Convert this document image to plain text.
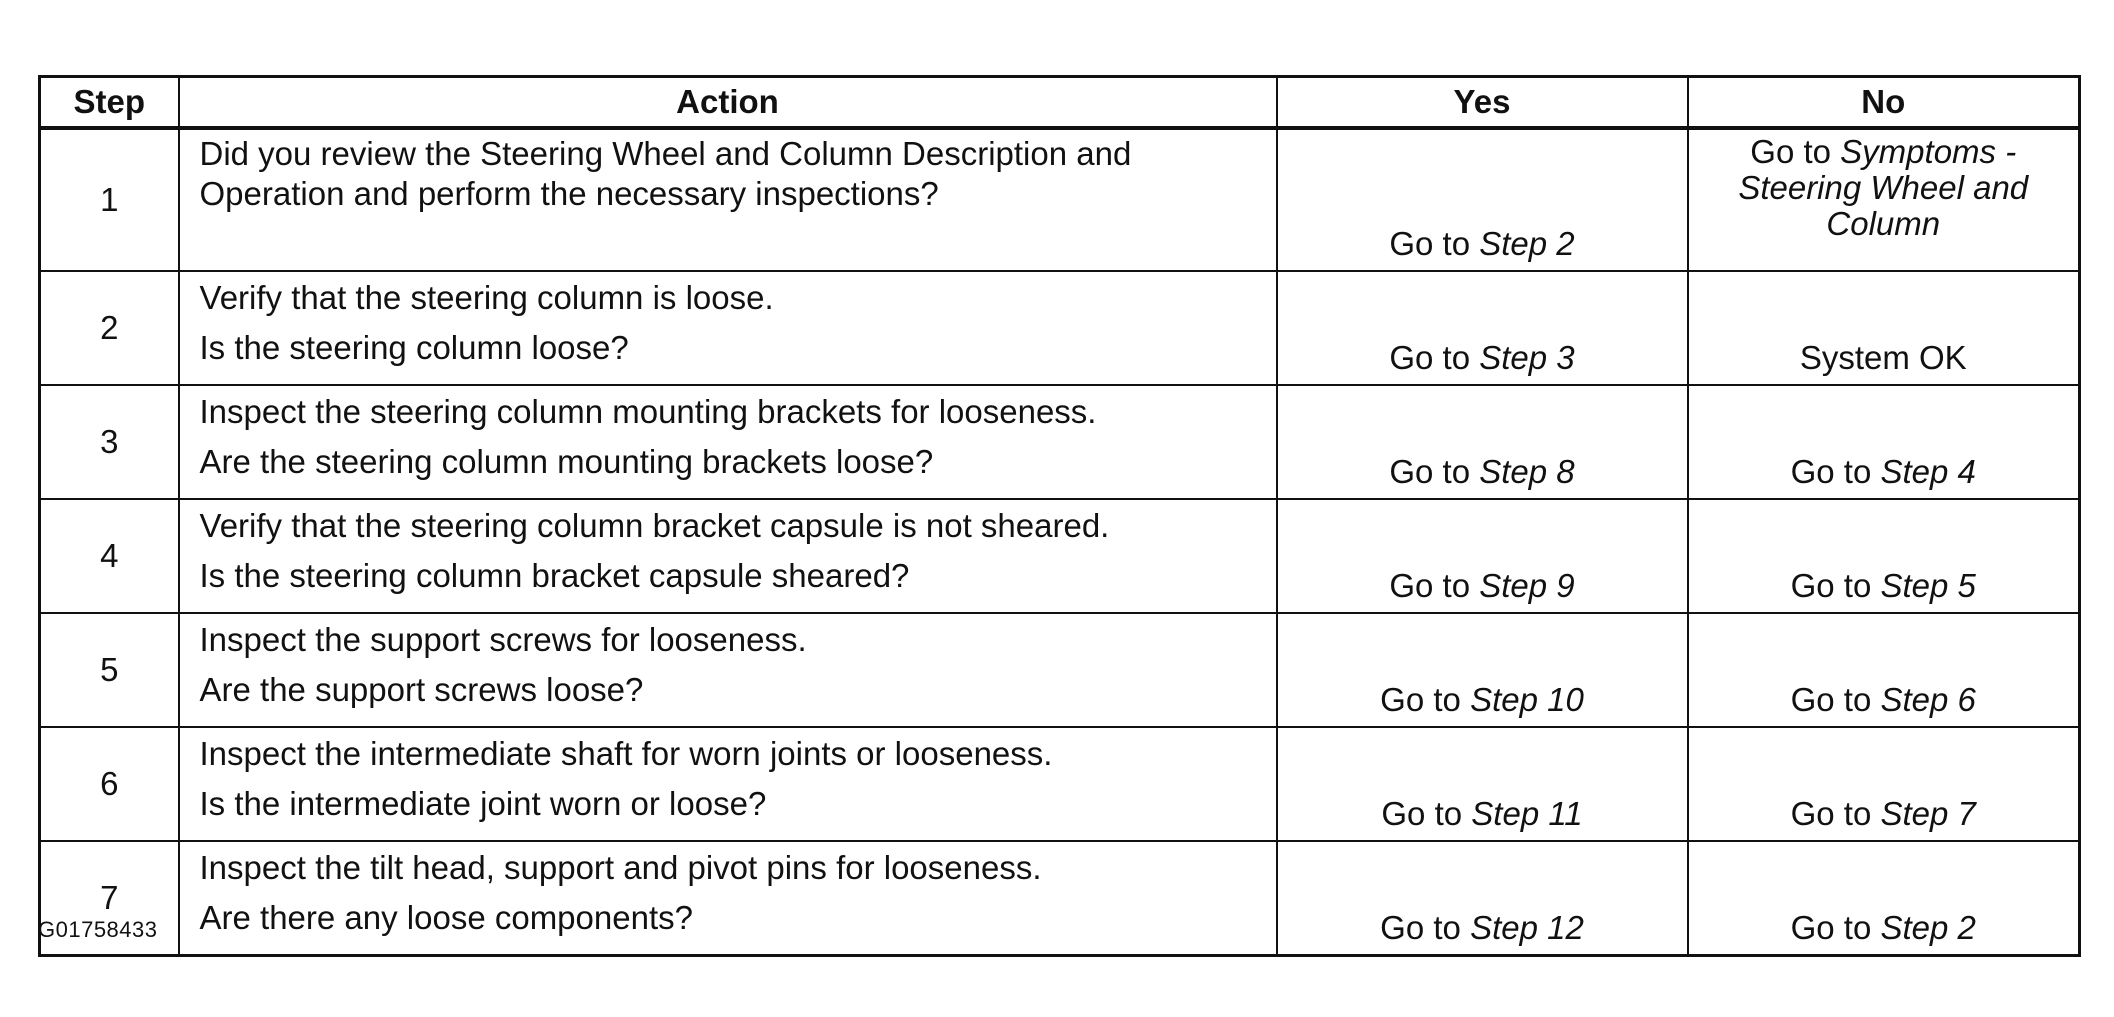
Step	Action	Yes	No
1	Did you review the Steering Wheel and Column Description and
Operation and perform the necessary inspections?	Go to Step 2	Go to Symptoms -
Steering Wheel and
Column
2	Verify that the steering column is loose.
Is the steering column loose?	Go to Step 3	System OK
3	Inspect the steering column mounting brackets for looseness.
Are the steering column mounting brackets loose?	Go to Step 8	Go to Step 4
4	Verify that the steering column bracket capsule is not sheared.
Is the steering column bracket capsule sheared?	Go to Step 9	Go to Step 5
5	Inspect the support screws for looseness.
Are the support screws loose?	Go to Step 10	Go to Step 6
6	Inspect the intermediate shaft for worn joints or looseness.
Is the intermediate joint worn or loose?	Go to Step 11	Go to Step 7
7	Inspect the tilt head, support and pivot pins for looseness.
Are there any loose components?	Go to Step 12	Go to Step 2
G01758433
